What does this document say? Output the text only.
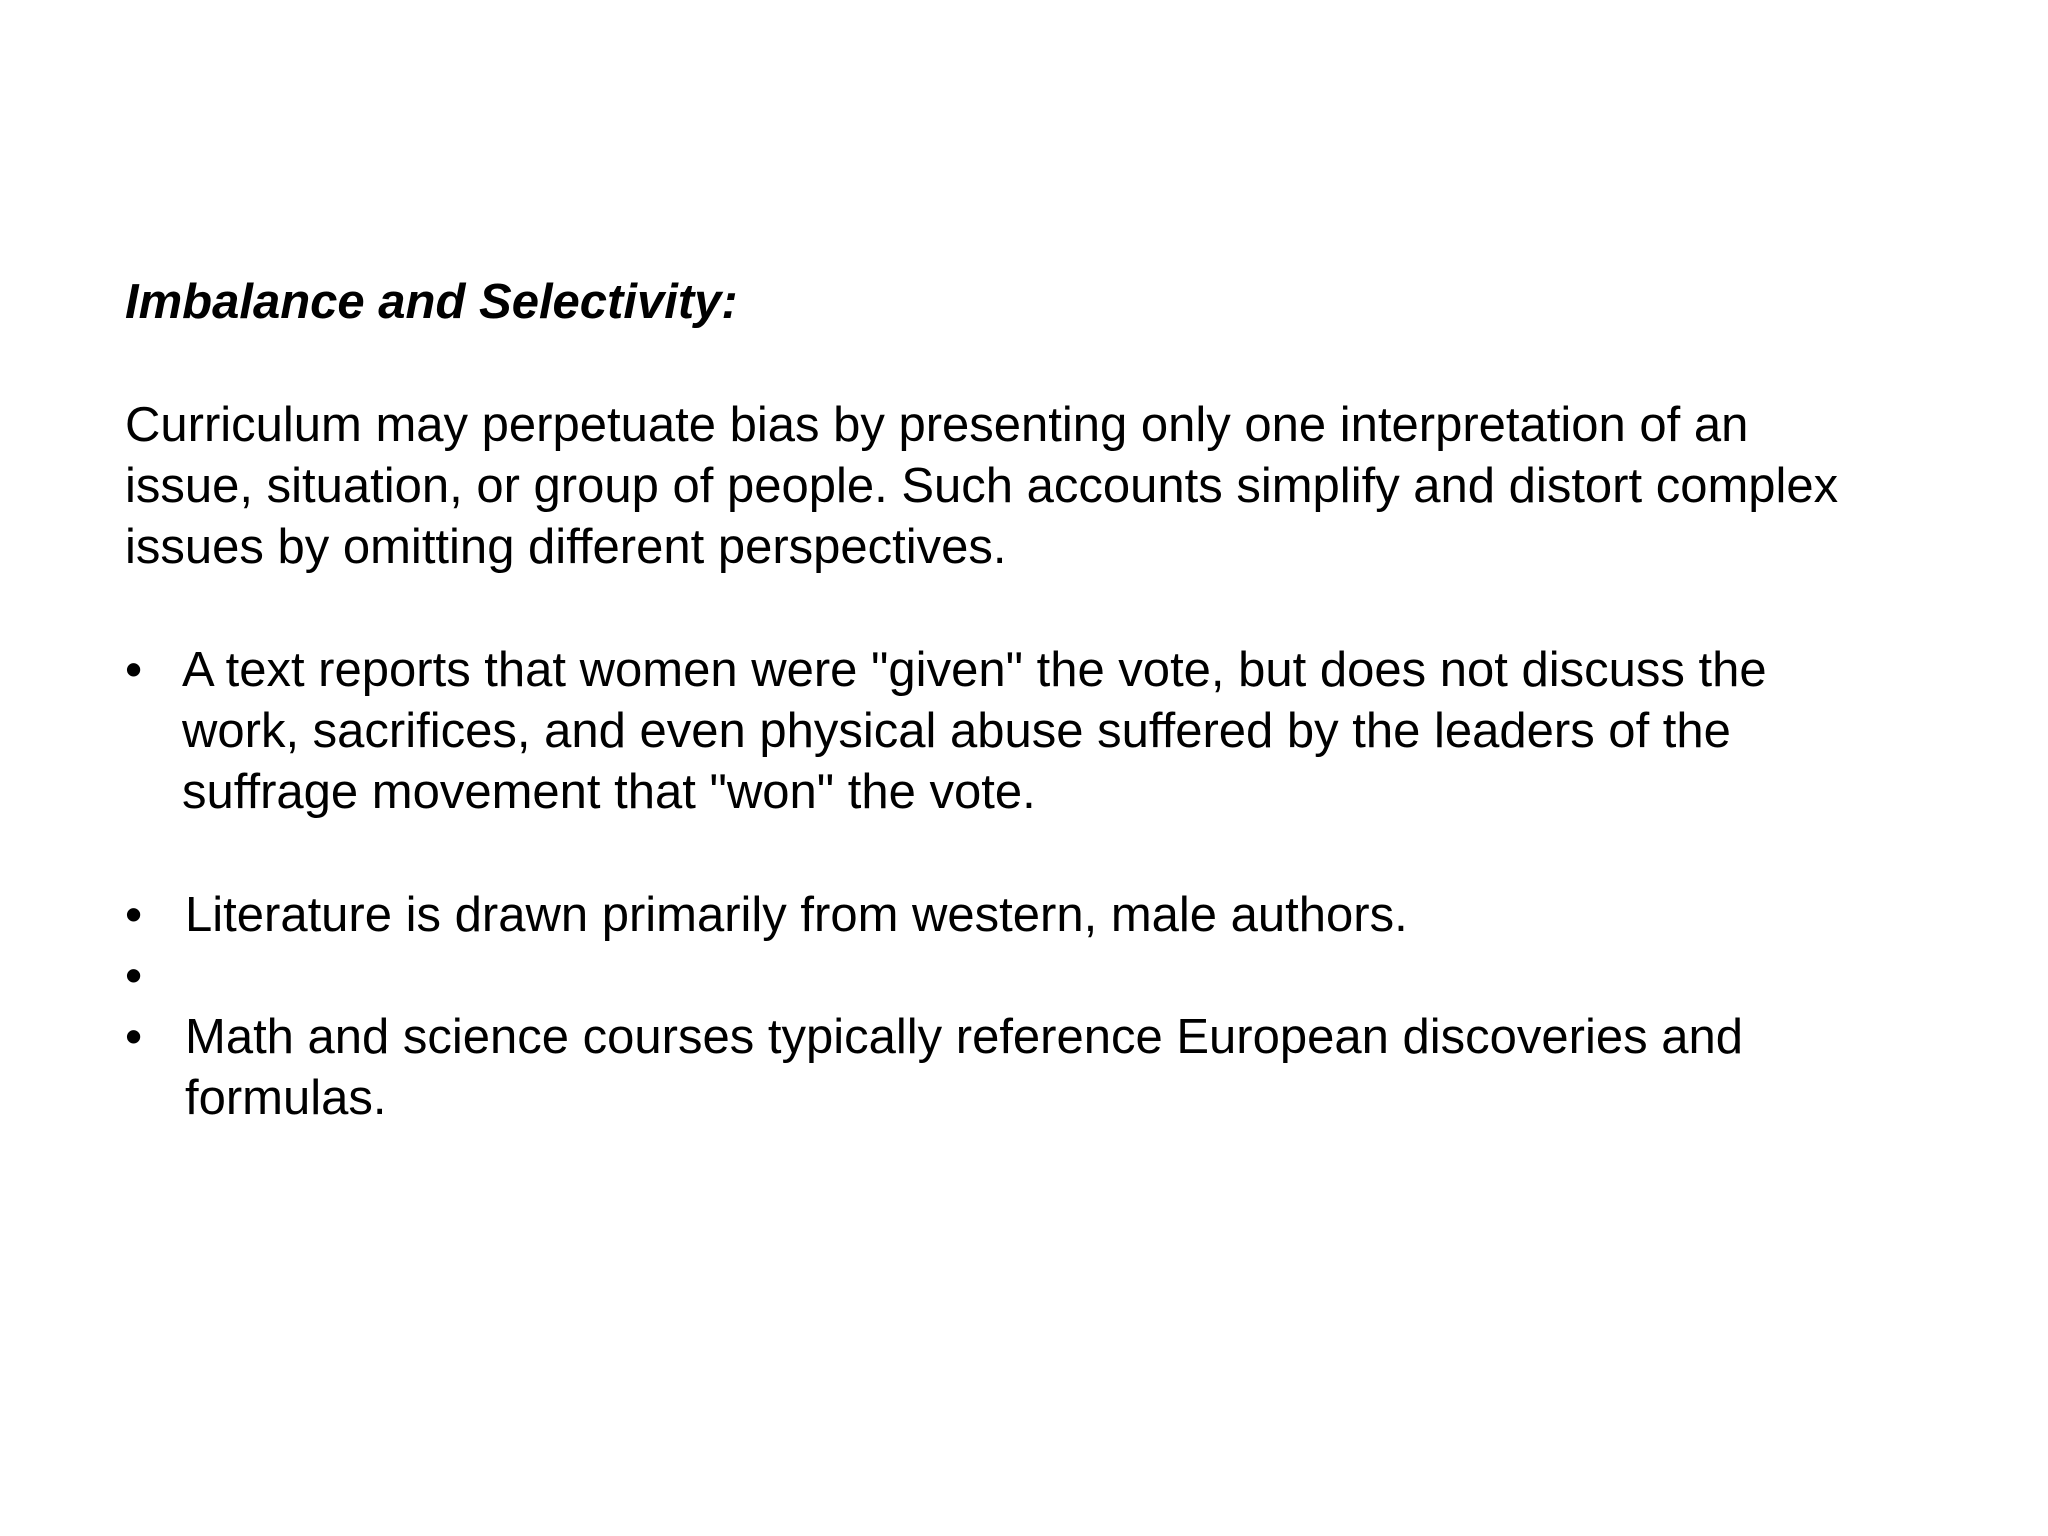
Imbalance and Selectivity:

Curriculum may perpetuate bias by presenting only one interpretation of an issue, situation, or group of people. Such accounts simplify and distort complex issues by omitting different perspectives.

• A text reports that women were "given" the vote, but does not discuss the work, sacrifices, and even physical abuse suffered by the leaders of the suffrage movement that "won" the vote.
• Literature is drawn primarily from western, male authors.
•

• Math and science courses typically reference European discoveries and formulas.
